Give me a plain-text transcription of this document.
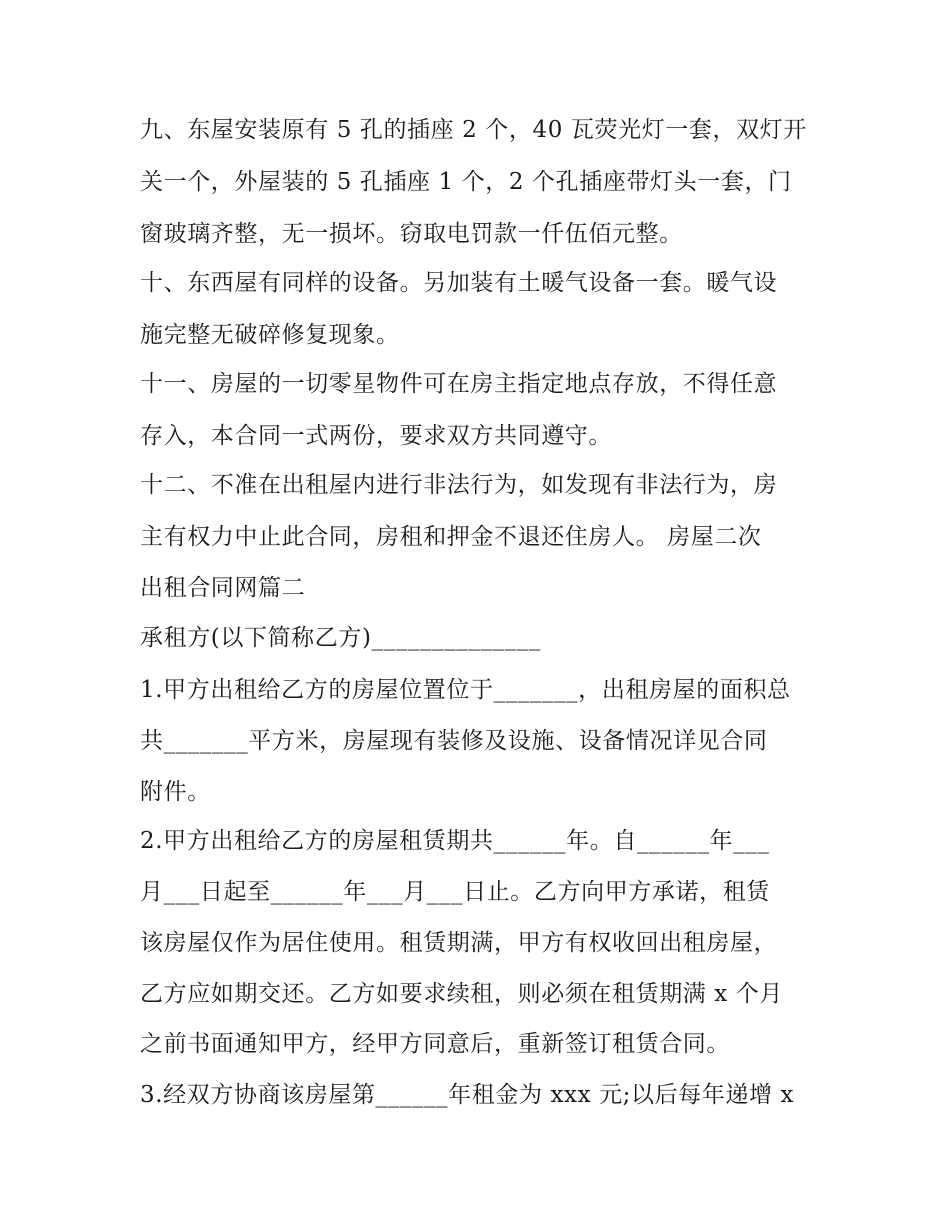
九、东屋安装原有 5 孔的插座 2 个，40 瓦荧光灯一套，双灯开

关一个，外屋装的 5 孔插座 1 个，2 个孔插座带灯头一套，门

窗玻璃齐整，无一损坏。窃取电罚款一仟伍佰元整。

十、东西屋有同样的设备。另加装有土暖气设备一套。暖气设

施完整无破碎修复现象。

十一、房屋的一切零星物件可在房主指定地点存放，不得任意

存入，本合同一式两份，要求双方共同遵守。

十二、不准在出租屋内进行非法行为，如发现有非法行为，房

主有权力中止此合同，房租和押金不退还住房人。 房屋二次

出租合同网篇二

承租方(以下简称乙方)______________

1.甲方出租给乙方的房屋位置位于_______，出租房屋的面积总

共_______平方米，房屋现有装修及设施、设备情况详见合同

附件。

2.甲方出租给乙方的房屋租赁期共______年。自______年___

月___日起至______年___月___日止。乙方向甲方承诺，租赁

该房屋仅作为居住使用。租赁期满，甲方有权收回出租房屋，

乙方应如期交还。乙方如要求续租，则必须在租赁期满 x 个月

之前书面通知甲方，经甲方同意后，重新签订租赁合同。

3.经双方协商该房屋第______年租金为 xxx 元;以后每年递增 x
